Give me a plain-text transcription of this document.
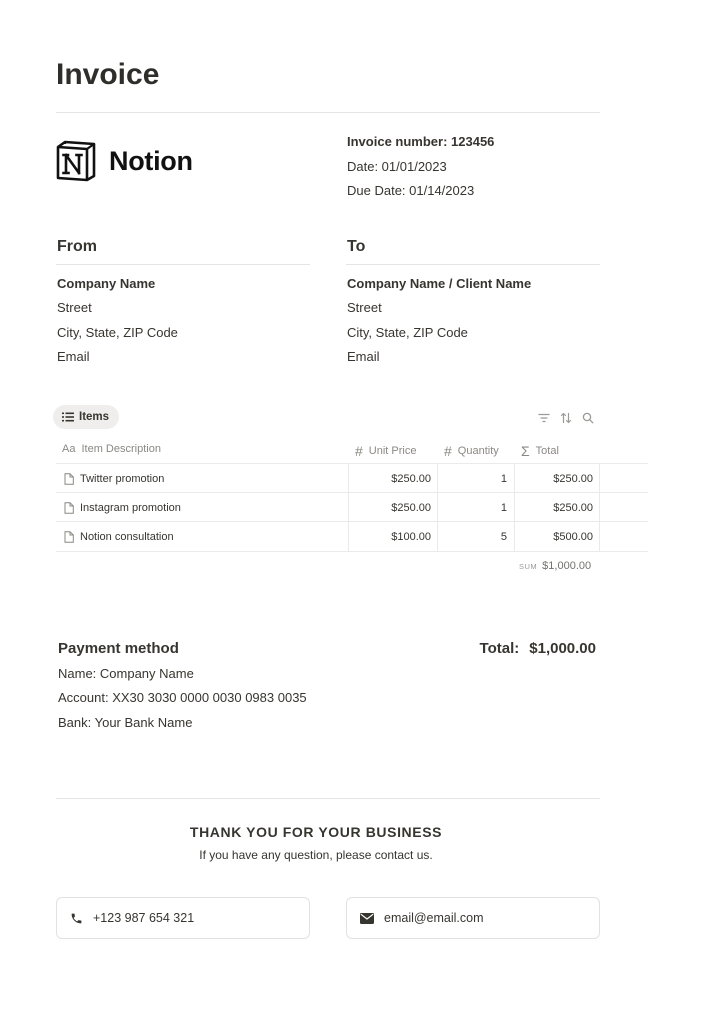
Invoice
Notion
Invoice number: 123456
Date: 01/01/2023
Due Date: 01/14/2023
From
Company Name
Street
City, State, ZIP Code
Email
To
Company Name / Client Name
Street
City, State, ZIP Code
Email
Items
Aa Item Description	# Unit Price # Quantity Σ Total
Twitter promotion	$250.00	1	$250.00
Instagram promotion	$250.00	1	$250.00
Notion consultation	$100.00	5	$500.00
SUM $1,000.00
Payment method	Total: $1,000.00
Name: Company Name
Account: XX30 3030 0000 0030 0983 0035
Bank: Your Bank Name
THANK YOU FOR YOUR BUSINESS
If you have any question, please contact us.
+123 987 654 321	email@email.com
